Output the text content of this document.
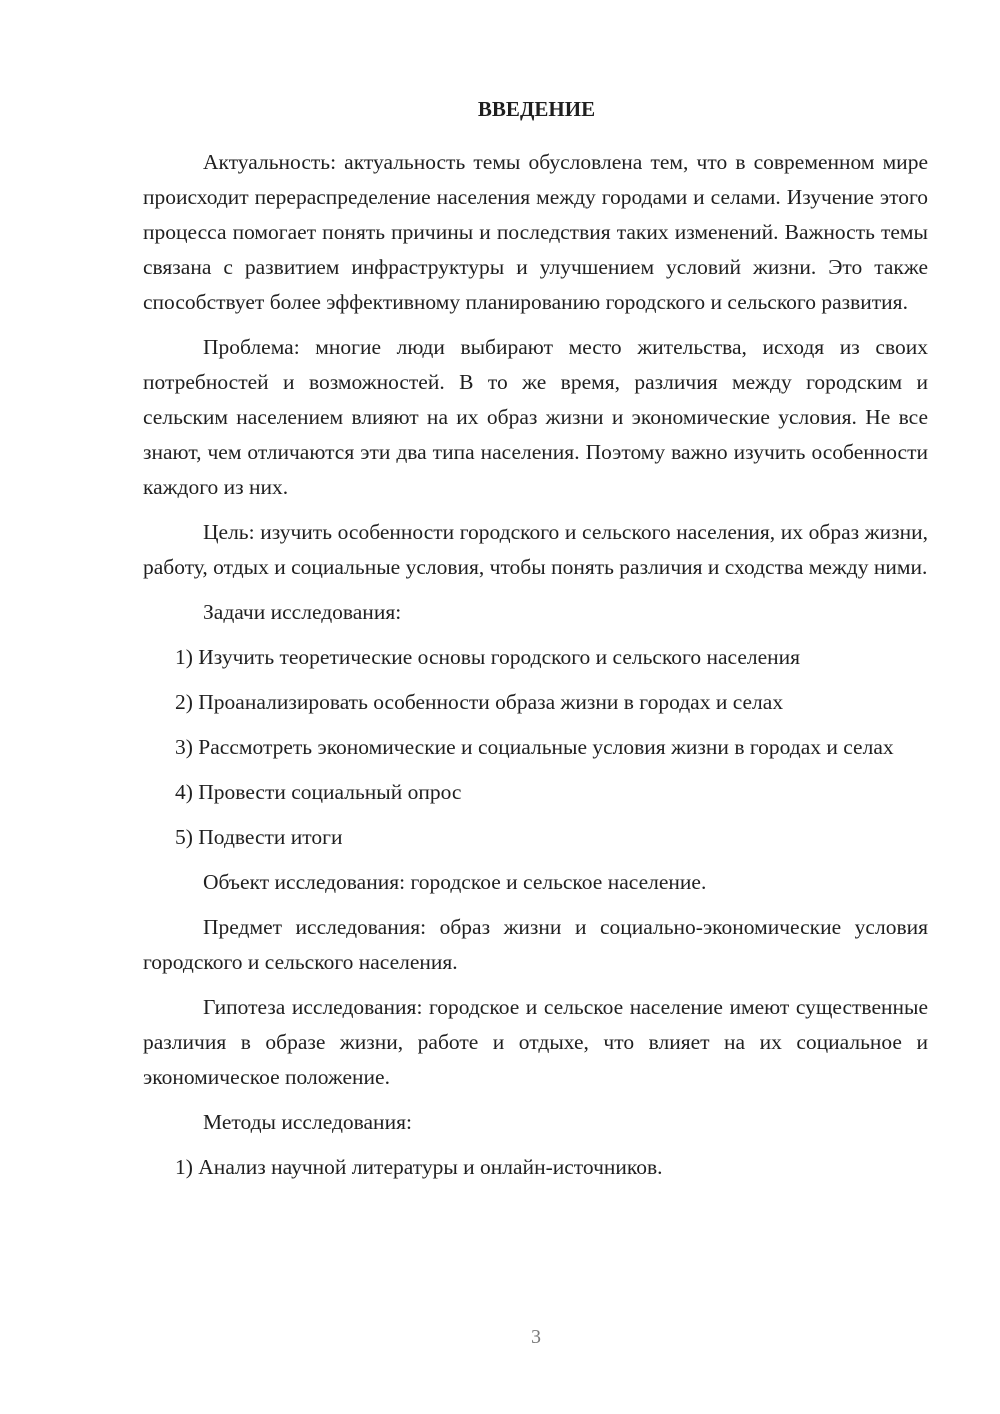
ВВЕДЕНИЕ

Актуальность: актуальность темы обусловлена тем, что в современном мире происходит перераспределение населения между городами и селами. Изучение этого процесса помогает понять причины и последствия таких изменений. Важность темы связана с развитием инфраструктуры и улучшением условий жизни. Это также способствует более эффективному планированию городского и сельского развития.

Проблема: многие люди выбирают место жительства, исходя из своих потребностей и возможностей. В то же время, различия между городским и сельским населением влияют на их образ жизни и экономические условия. Не все знают, чем отличаются эти два типа населения. Поэтому важно изучить особенности каждого из них.

Цель: изучить особенности городского и сельского населения, их образ жизни, работу, отдых и социальные условия, чтобы понять различия и сходства между ними.

Задачи исследования:

1) Изучить теоретические основы городского и сельского населения

2) Проанализировать особенности образа жизни в городах и селах

3) Рассмотреть экономические и социальные условия жизни в городах и селах

4) Провести социальный опрос

5) Подвести итоги

Объект исследования: городское и сельское население.

Предмет исследования: образ жизни и социально-экономические условия городского и сельского населения.

Гипотеза исследования: городское и сельское население имеют существенные различия в образе жизни, работе и отдыхе, что влияет на их социальное и экономическое положение.

Методы исследования:

1) Анализ научной литературы и онлайн-источников.

3
